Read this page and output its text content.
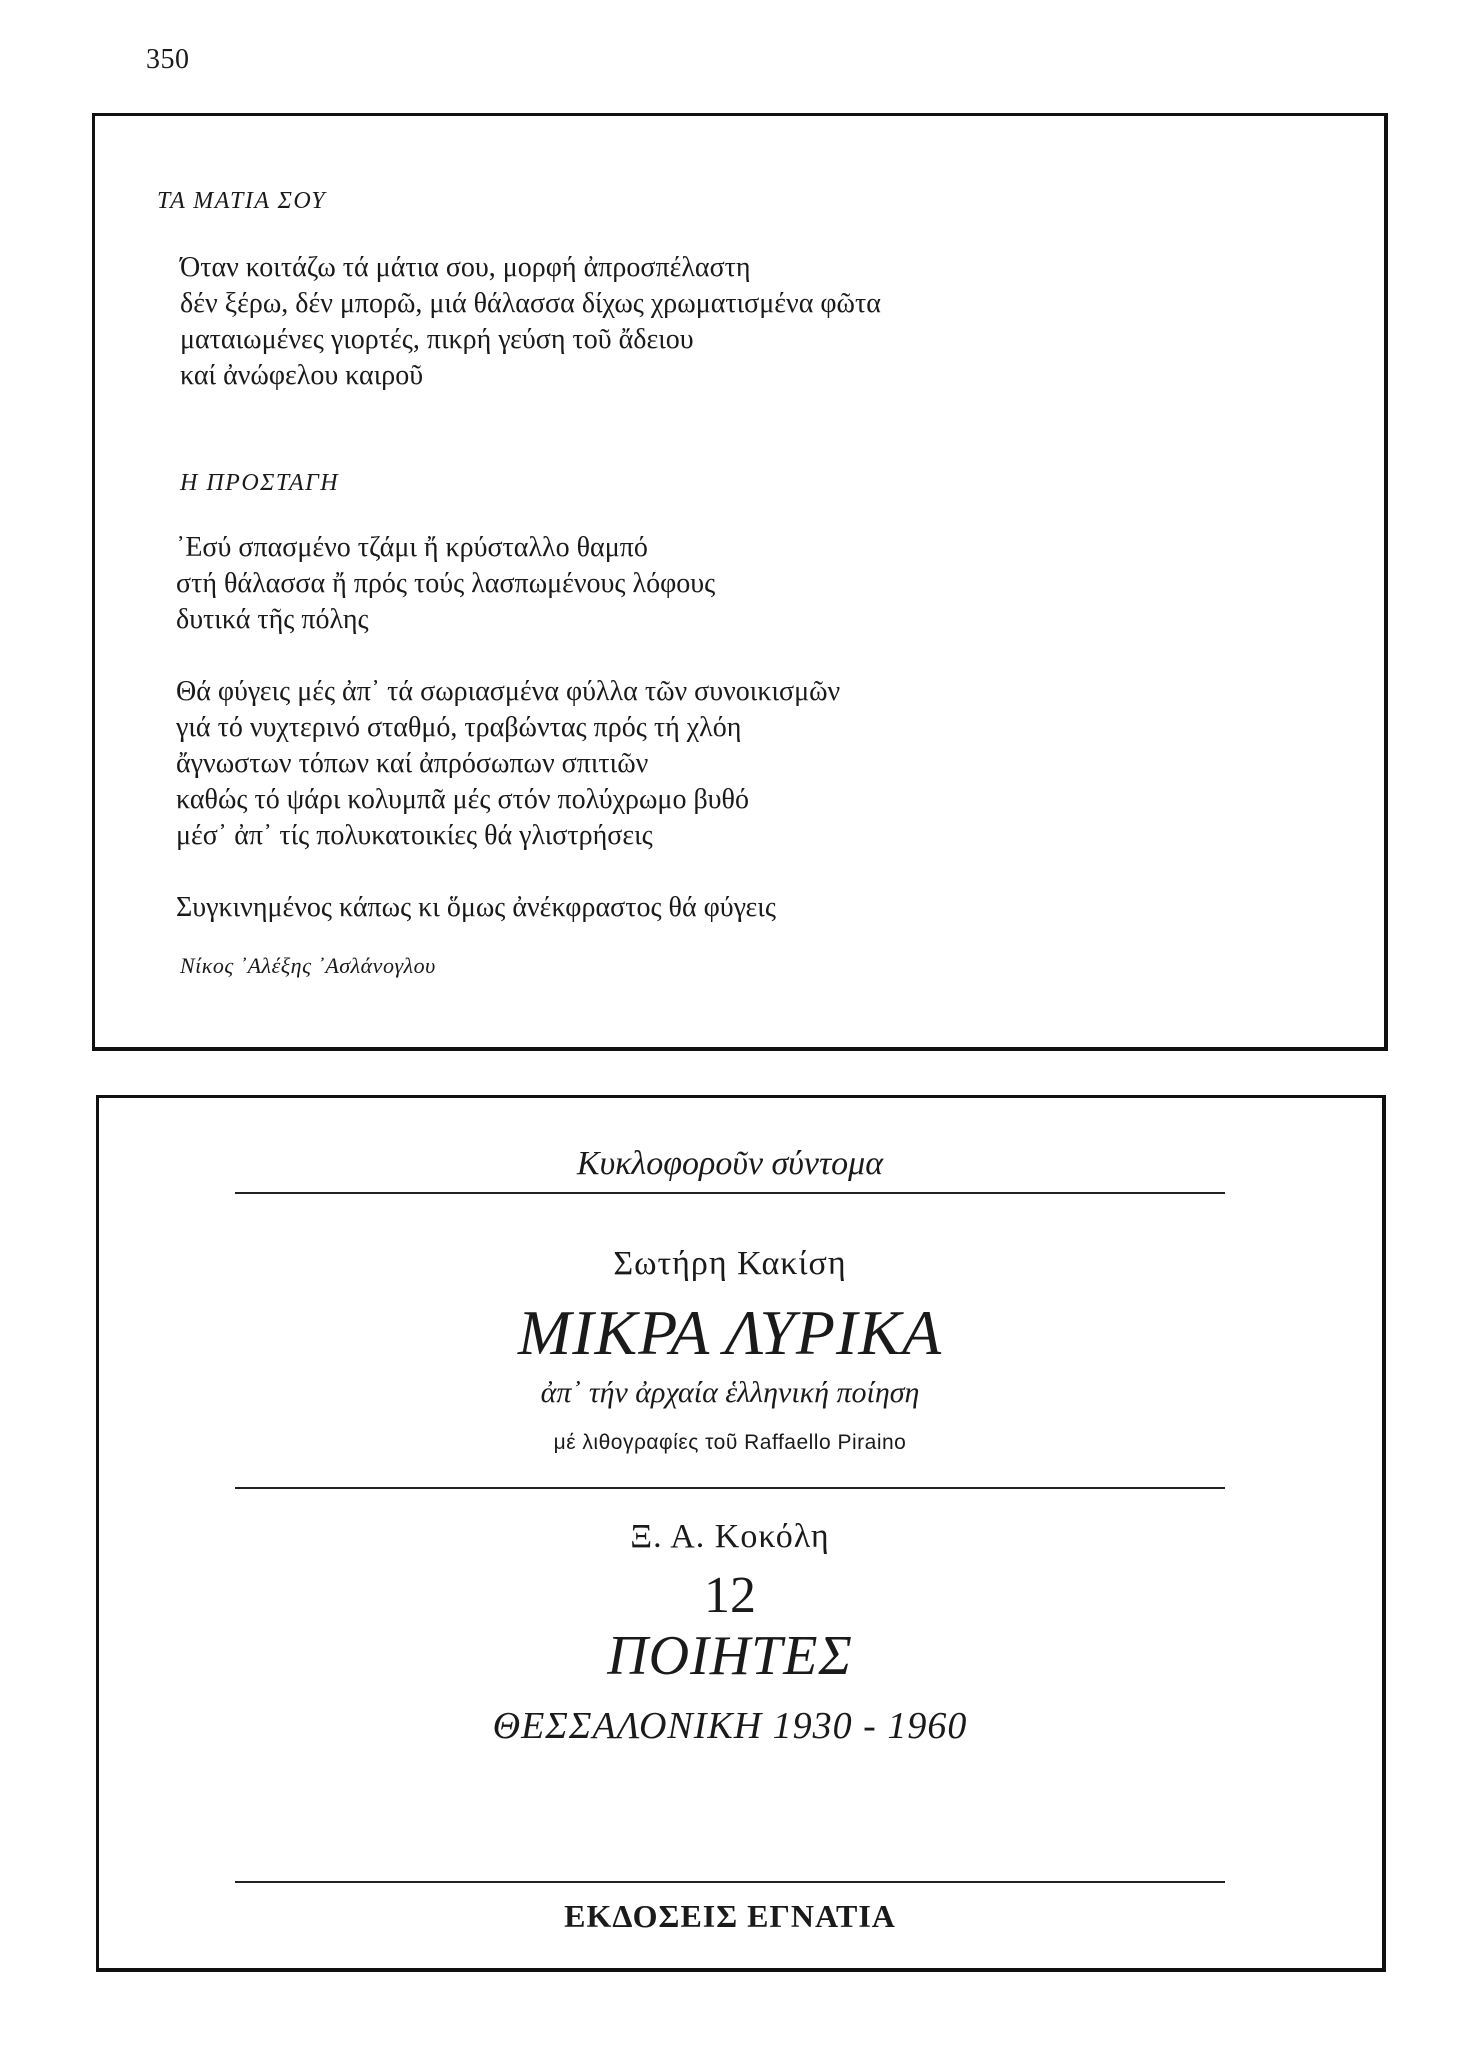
350
ΤΑ ΜΑΤΙΑ ΣΟΥ
Όταν κοιτάζω τά μάτια σου, μορφή ἀπροσπέλαστη
δέν ξέρω, δέν μπορῶ, μιά θάλασσα δίχως χρωματισμένα φῶτα
ματαιωμένες γιορτές, πικρή γεύση τοῦ ἄδειου
καί ἀνώφελου καιροῦ
Η ΠΡΟΣΤΑΓΗ
᾿Εσύ σπασμένο τζάμι ἤ κρύσταλλο θαμπό
στή θάλασσα ἤ πρός τούς λασπωμένους λόφους
δυτικά τῆς πόλης
Θά φύγεις μές ἀπ᾿ τά σωριασμένα φύλλα τῶν συνοικισμῶν
γιά τό νυχτερινό σταθμό, τραβώντας πρός τή χλόη
ἄγνωστων τόπων καί ἀπρόσωπων σπιτιῶν
καθώς τό ψάρι κολυμπᾶ μές στόν πολύχρωμο βυθό
μέσ᾿ ἀπ᾿ τίς πολυκατοικίες θά γλιστρήσεις
Συγκινημένος κάπως κι ὅμως ἀνέκφραστος θά φύγεις
Νίκος ᾿Αλέξης ᾿Ασλάνογλου
Κυκλοφοροῦν σύντομα
Σωτήρη Κακίση
ΜΙΚΡΑ ΛΥΡΙΚΑ
ἀπ᾿ τήν ἀρχαία ἑλληνική ποίηση
μέ λιθογραφίες τοῦ Raffaello Piraino
Ξ. Α. Κοκόλη
12
ΠΟΙΗΤΕΣ
ΘΕΣΣΑΛΟΝΙΚΗ 1930 - 1960
ΕΚΔΟΣΕΙΣ ΕΓΝΑΤΙΑ
